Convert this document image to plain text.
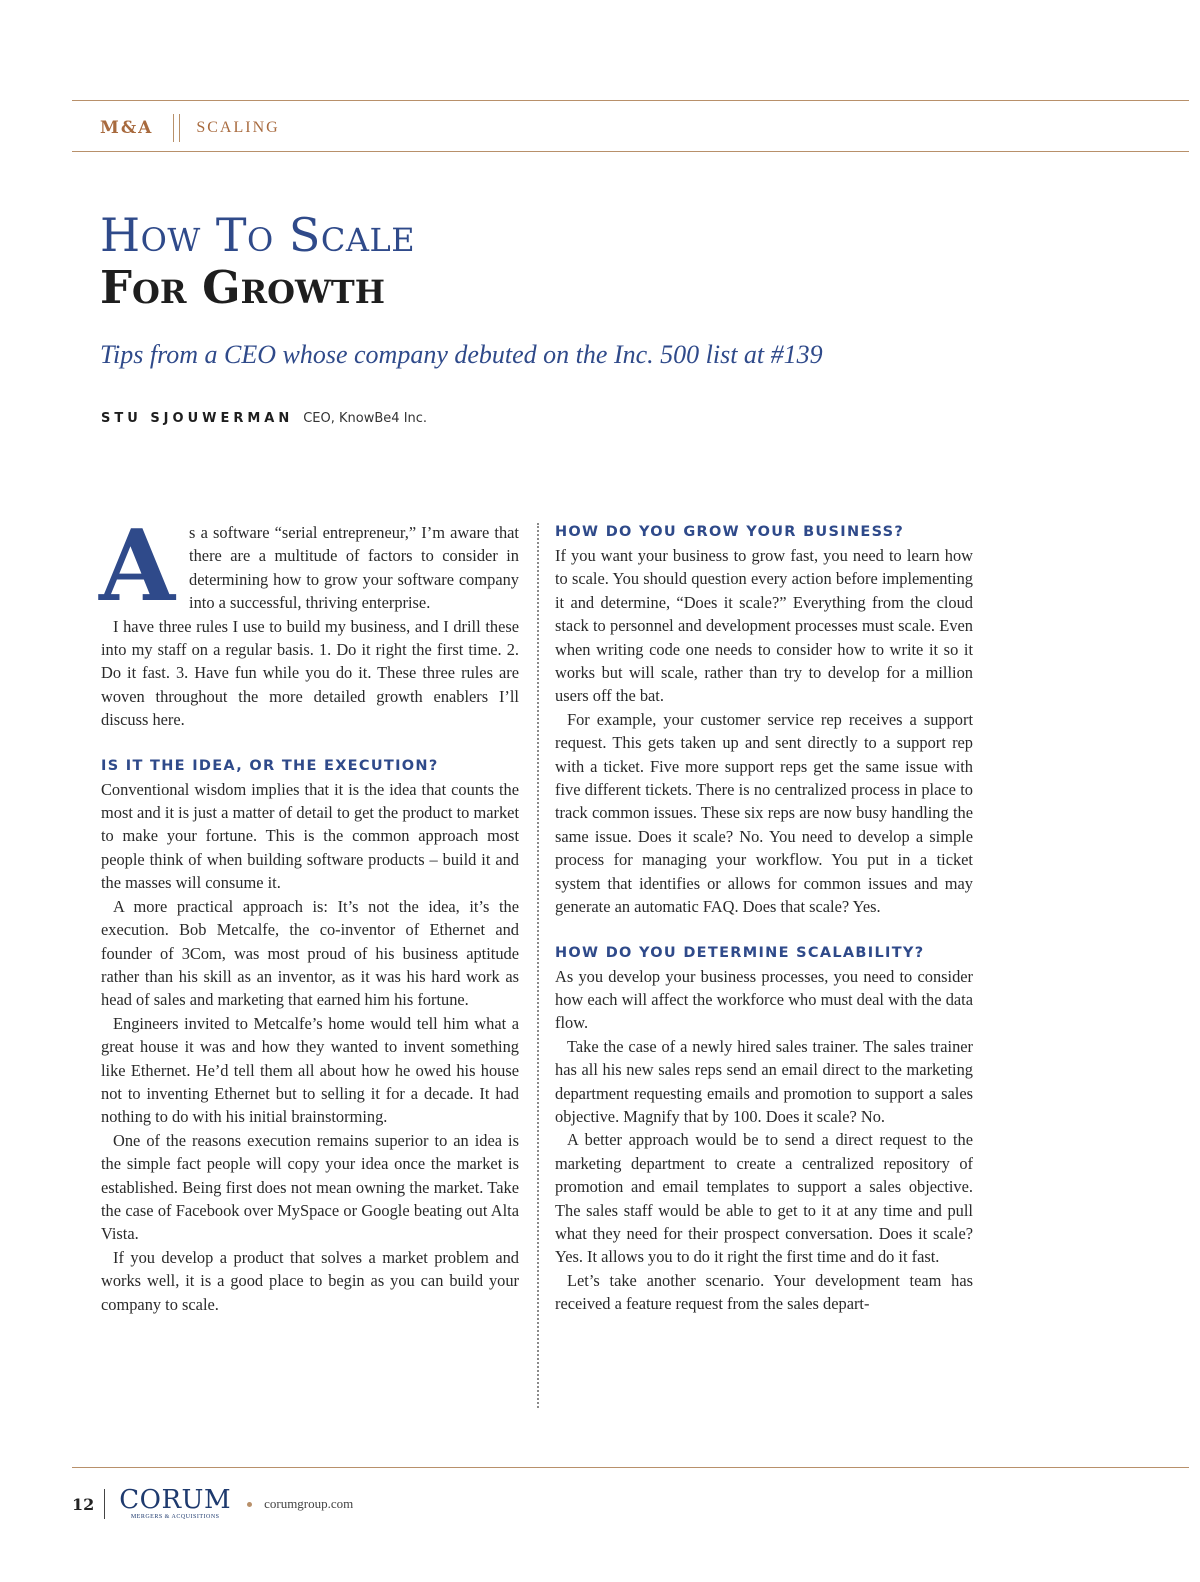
M&A	SCALING
How To Scale
For Growth
Tips from a CEO whose company debuted on the Inc. 500 list at #139
STU SJOUWERMAN CEO, KnowBe4 Inc.

As a software “serial entrepreneur,” I’m aware that there are a multitude of factors to consider in determining how to grow your software company into a successful, thriving enterprise.

I have three rules I use to build my business, and I drill these into my staff on a regular basis. 1. Do it right the first time. 2. Do it fast. 3. Have fun while you do it. These three rules are woven throughout the more detailed growth enablers I’ll discuss here.

IS IT THE IDEA, OR THE EXECUTION?

Conventional wisdom implies that it is the idea that counts the most and it is just a matter of detail to get the product to market to make your fortune. This is the common approach most people think of when building software products – build it and the masses will consume it.

A more practical approach is: It’s not the idea, it’s the execution. Bob Metcalfe, the co-inventor of Ethernet and founder of 3Com, was most proud of his business aptitude rather than his skill as an inventor, as it was his hard work as head of sales and marketing that earned him his fortune.

Engineers invited to Metcalfe’s home would tell him what a great house it was and how they wanted to invent something like Ethernet. He’d tell them all about how he owed his house not to inventing Ethernet but to selling it for a decade. It had nothing to do with his initial brainstorming.

One of the reasons execution remains superior to an idea is the simple fact people will copy your idea once the market is established. Being first does not mean owning the market. Take the case of Facebook over MySpace or Google beating out Alta Vista.

If you develop a product that solves a market problem and works well, it is a good place to begin as you can build your company to scale.

HOW DO YOU GROW YOUR BUSINESS?

If you want your business to grow fast, you need to learn how to scale. You should question every action before implementing it and determine, “Does it scale?” Everything from the cloud stack to personnel and development processes must scale. Even when writing code one needs to consider how to write it so it works but will scale, rather than try to develop for a million users off the bat.

For example, your customer service rep receives a support request. This gets taken up and sent directly to a support rep with a ticket. Five more support reps get the same issue with five different tickets. There is no centralized process in place to track common issues. These six reps are now busy handling the same issue. Does it scale? No. You need to develop a simple process for managing your workflow. You put in a ticket system that identifies or allows for common issues and may generate an automatic FAQ. Does that scale? Yes.

HOW DO YOU DETERMINE SCALABILITY?

As you develop your business processes, you need to consider how each will affect the workforce who must deal with the data flow.

Take the case of a newly hired sales trainer. The sales trainer has all his new sales reps send an email direct to the marketing department requesting emails and promotion to support a sales objective. Magnify that by 100. Does it scale? No.

A better approach would be to send a direct request to the marketing department to create a centralized repository of promotion and email templates to support a sales objective. The sales staff would be able to get to it at any time and pull what they need for their prospect conversation. Does it scale? Yes. It allows you to do it right the first time and do it fast.

Let’s take another scenario. Your development team has received a feature request from the sales depart-

12 CORUM
MERGERS & ACQUISITIONS
corumgroup.com
